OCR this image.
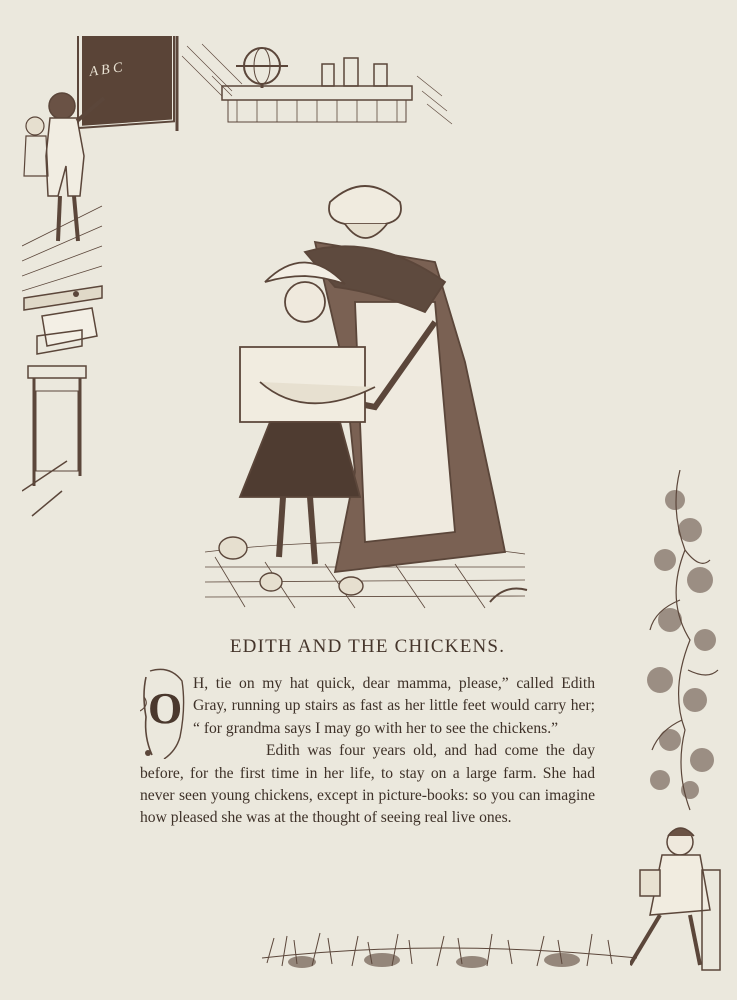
A B C
EDITH AND THE CHICKENS.
O

H, tie on my hat quick, dear mamma, please,” called Edith Gray, running up stairs as fast as her little feet would carry her; “ for grandma says I may go with her to see the chickens.”

Edith was four years old, and had come the day before, for the first time in her life, to stay on a large farm. She had never seen young chickens, except in picture-books: so you can imagine how pleased she was at the thought of seeing real live ones.
